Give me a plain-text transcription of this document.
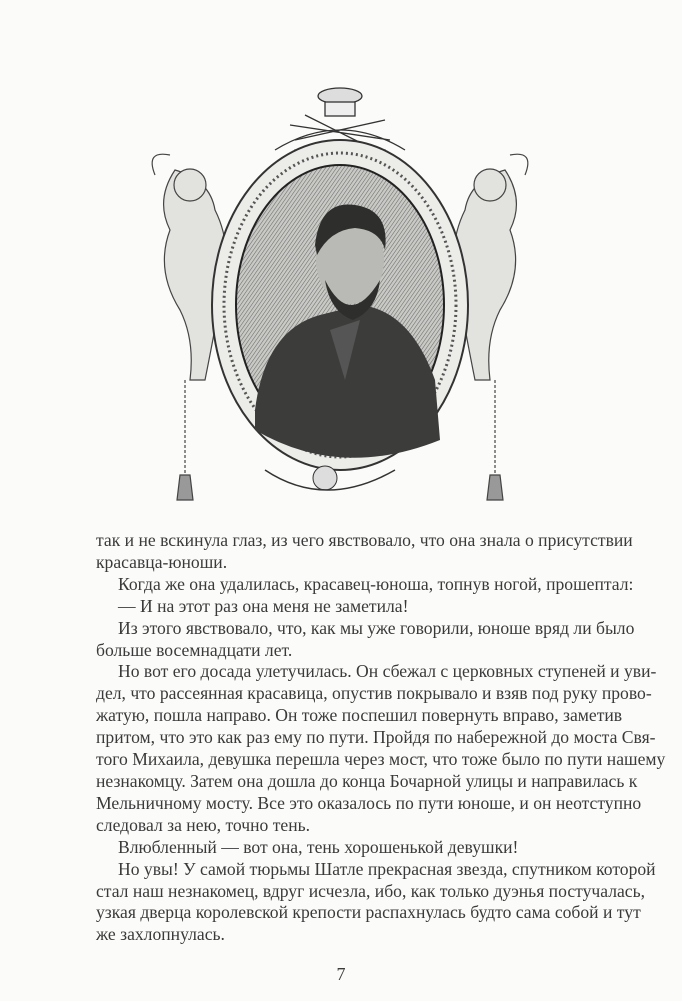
так и не вскинула глаз, из чего явствовало, что она знала о присутствии
красавца-юноши.
Когда же она удалилась, красавец-юноша, топнув ногой, прошептал:
— И на этот раз она меня не заметила!
Из этого явствовало, что, как мы уже говорили, юноше вряд ли было
больше восемнадцати лет.
Но вот его досада улетучилась. Он сбежал с церковных ступеней и уви-
дел, что рассеянная красавица, опустив покрывало и взяв под руку прово-
жатую, пошла направо. Он тоже поспешил повернуть вправо, заметив
притом, что это как раз ему по пути. Пройдя по набережной до моста Свя-
того Михаила, девушка перешла через мост, что тоже было по пути нашему
незнакомцу. Затем она дошла до конца Бочарной улицы и направилась к
Мельничному мосту. Все это оказалось по пути юноше, и он неотступно
следовал за нею, точно тень.
Влюбленный — вот она, тень хорошенькой девушки!
Но увы! У самой тюрьмы Шатле прекрасная звезда, спутником которой
стал наш незнакомец, вдруг исчезла, ибо, как только дуэнья постучалась,
узкая дверца королевской крепости распахнулась будто сама собой и тут
же захлопнулась.
7
